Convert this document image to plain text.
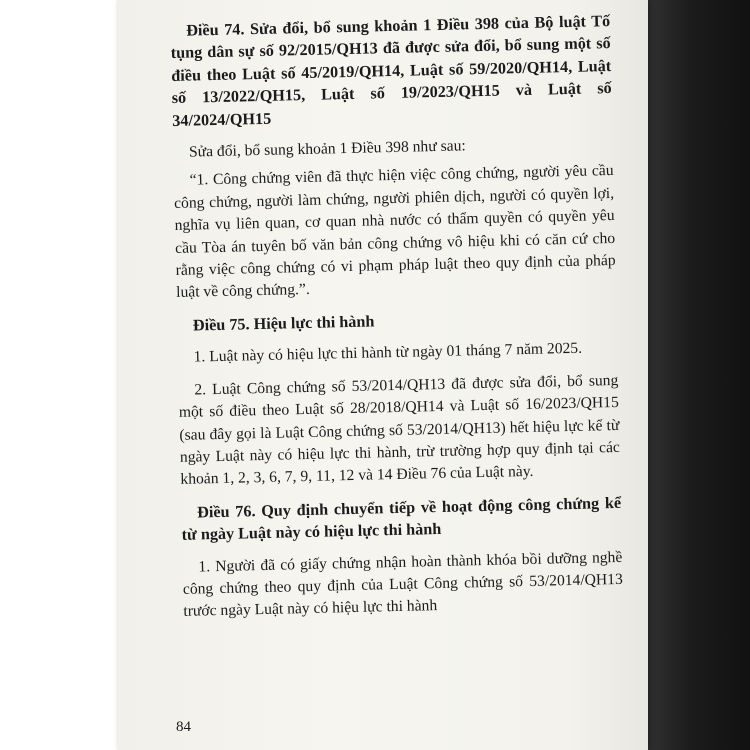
Điều 74. Sửa đổi, bổ sung khoản 1 Điều 398 của Bộ luật Tố tụng dân sự số 92/2015/QH13 đã được sửa đổi, bổ sung một số điều theo Luật số 45/2019/QH14, Luật số 59/2020/QH14, Luật số 13/2022/QH15, Luật số 19/2023/QH15 và Luật số 34/2024/QH15

Sửa đổi, bổ sung khoản 1 Điều 398 như sau:

“1. Công chứng viên đã thực hiện việc công chứng, người yêu cầu công chứng, người làm chứng, người phiên dịch, người có quyền lợi, nghĩa vụ liên quan, cơ quan nhà nước có thẩm quyền có quyền yêu cầu Tòa án tuyên bố văn bản công chứng vô hiệu khi có căn cứ cho rằng việc công chứng có vi phạm pháp luật theo quy định của pháp luật về công chứng.”.

Điều 75. Hiệu lực thi hành

1. Luật này có hiệu lực thi hành từ ngày 01 tháng 7 năm 2025.

2. Luật Công chứng số 53/2014/QH13 đã được sửa đổi, bổ sung một số điều theo Luật số 28/2018/QH14 và Luật số 16/2023/QH15 (sau đây gọi là Luật Công chứng số 53/2014/QH13) hết hiệu lực kể từ ngày Luật này có hiệu lực thi hành, trừ trường hợp quy định tại các khoản 1, 2, 3, 6, 7, 9, 11, 12 và 14 Điều 76 của Luật này.

Điều 76. Quy định chuyển tiếp về hoạt động công chứng kể từ ngày Luật này có hiệu lực thi hành

1. Người đã có giấy chứng nhận hoàn thành khóa bồi dưỡng nghề công chứng theo quy định của Luật Công chứng số 53/2014/QH13 trước ngày Luật này có hiệu lực thi hành

84
